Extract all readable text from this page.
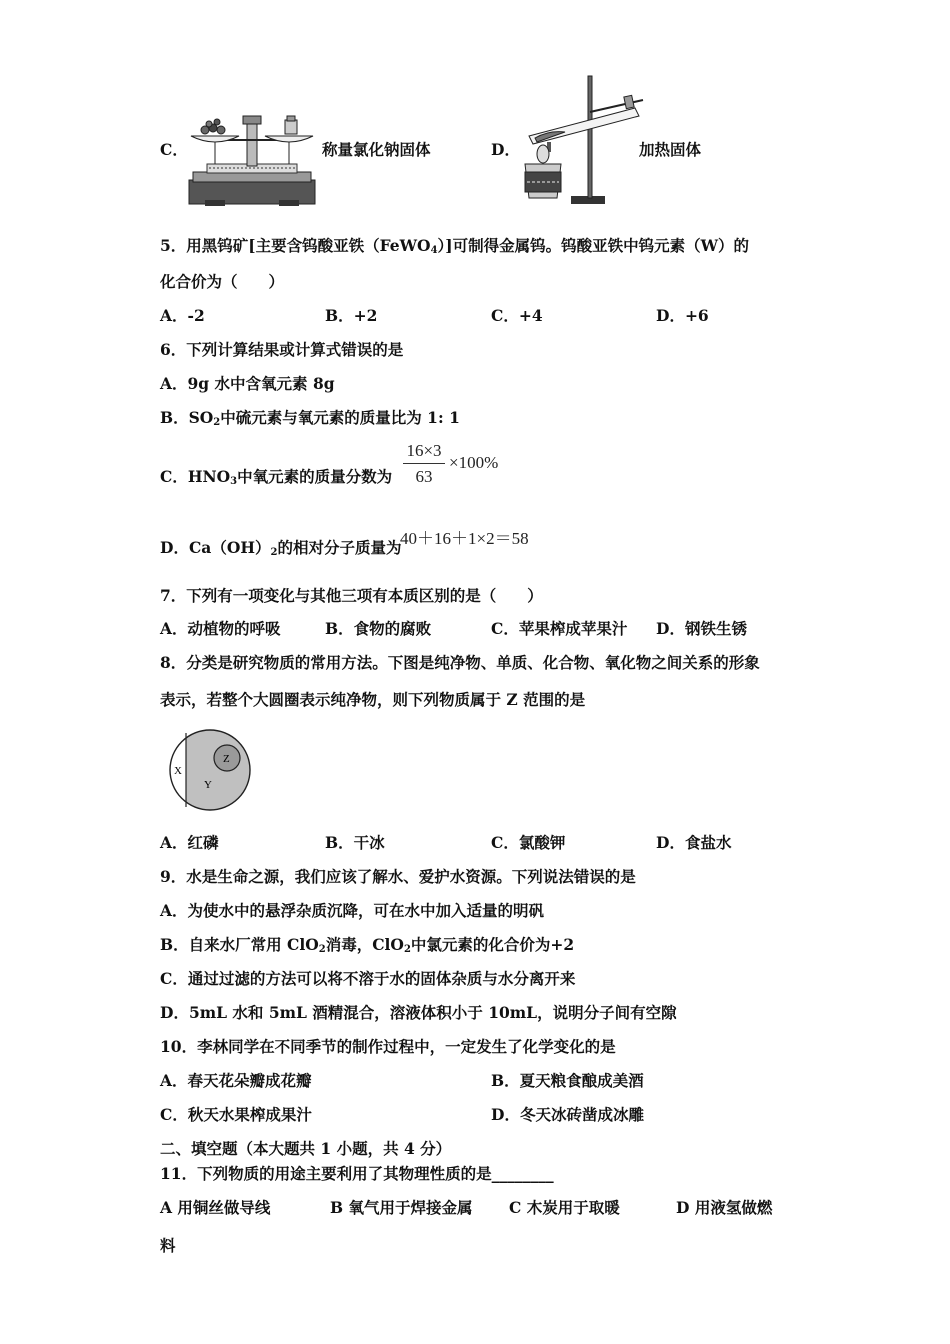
C．	称量氯化钠固体	D．	加热固体
5．用黑钨矿[主要含钨酸亚铁（FeWO$_4$）]可制得金属钨。钨酸亚铁中钨元素（W）的
化合价为（　　）
A．-2	B．+2	C．+4	D．+6
6．下列计算结果或计算式错误的是
A．9g 水中含氧元素 8g
B．$SO_2$中硫元素与氧元素的质量比为 1: 1
C．$HNO_3$中氧元素的质量分数为
16×3
63
×100%
D．$Ca(OH)_2$的相对分子质量为
40＋16＋1×2＝58
7．下列有一项变化与其他三项有本质区别的是（　　）
A．动植物的呼吸	B．食物的腐败	C．苹果榨成苹果汁 D．钢铁生锈
8．分类是研究物质的常用方法。下图是纯净物、单质、化合物、氧化物之间关系的形象
表示，若整个大圆圈表示纯净物，则下列物质属于 Z 范围的是
X
Y
Z
A．红磷	B．干冰	C．氯酸钾	D．食盐水
9．水是生命之源，我们应该了解水、爱护水资源。下列说法错误的是
A．为使水中的悬浮杂质沉降，可在水中加入适量的明矾
B．自来水厂常用 ClO$_2$消毒，ClO$_2$中氯元素的化合价为+2
C．通过过滤的方法可以将不溶于水的固体杂质与水分离开来
D．5mL 水和 5mL 酒精混合，溶液体积小于 10mL，说明分子间有空隙
10．李林同学在不同季节的制作过程中，一定发生了化学变化的是
A．春天花朵瓣成花瓣	B．夏天粮食酿成美酒
C．秋天水果榨成果汁	D．冬天冰砖凿成冰雕
二、填空题（本大题共 1 小题，共 4 分）
11．下列物质的用途主要利用了其物理性质的是________
A 用铜丝做导线	B 氧气用于焊接金属 C 木炭用于取暖	D 用液氢做燃
料
